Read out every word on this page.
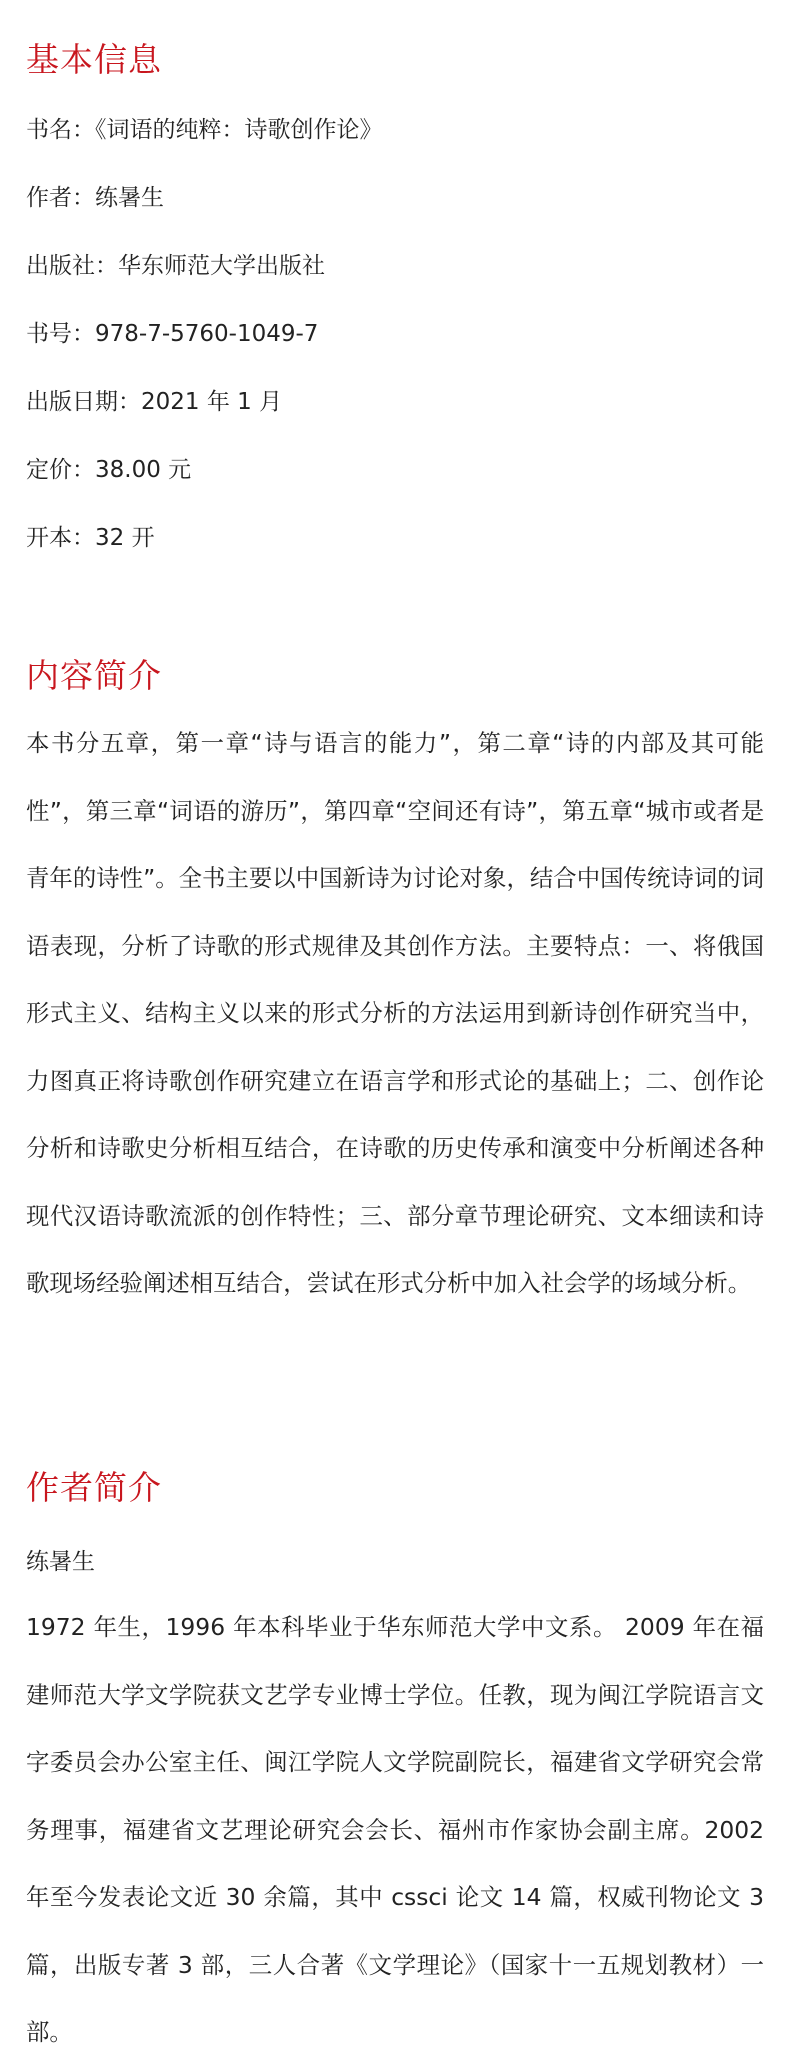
基本信息

书名：《词语的纯粹：诗歌创作论》

作者：练暑生

出版社：华东师范大学出版社

书号：978-7-5760-1049-7

出版日期：2021 年 1 月

定价：38.00 元

开本：32 开

内容简介

本书分五章，第一章“诗与语言的能力”，第二章“诗的内部及其可能性”，第三章“词语的游历”，第四章“空间还有诗”，第五章“城市或者是青年的诗性”。全书主要以中国新诗为讨论对象，结合中国传统诗词的词语表现，分析了诗歌的形式规律及其创作方法。主要特点：一、将俄国形式主义、结构主义以来的形式分析的方法运用到新诗创作研究当中，力图真正将诗歌创作研究建立在语言学和形式论的基础上；二、创作论分析和诗歌史分析相互结合，在诗歌的历史传承和演变中分析阐述各种现代汉语诗歌流派的创作特性；三、部分章节理论研究、文本细读和诗歌现场经验阐述相互结合，尝试在形式分析中加入社会学的场域分析。

作者简介

练暑生

1972 年生，1996 年本科毕业于华东师范大学中文系。 2009 年在福建师范大学文学院获文艺学专业博士学位。任教，现为闽江学院语言文字委员会办公室主任、闽江学院人文学院副院长，福建省文学研究会常务理事，福建省文艺理论研究会会长、福州市作家协会副主席。2002 年至今发表论文近 30 余篇，其中 cssci 论文 14 篇，权威刊物论文 3 篇，出版专著 3 部，三人合著《文学理论》（国家十一五规划教材）一部。
